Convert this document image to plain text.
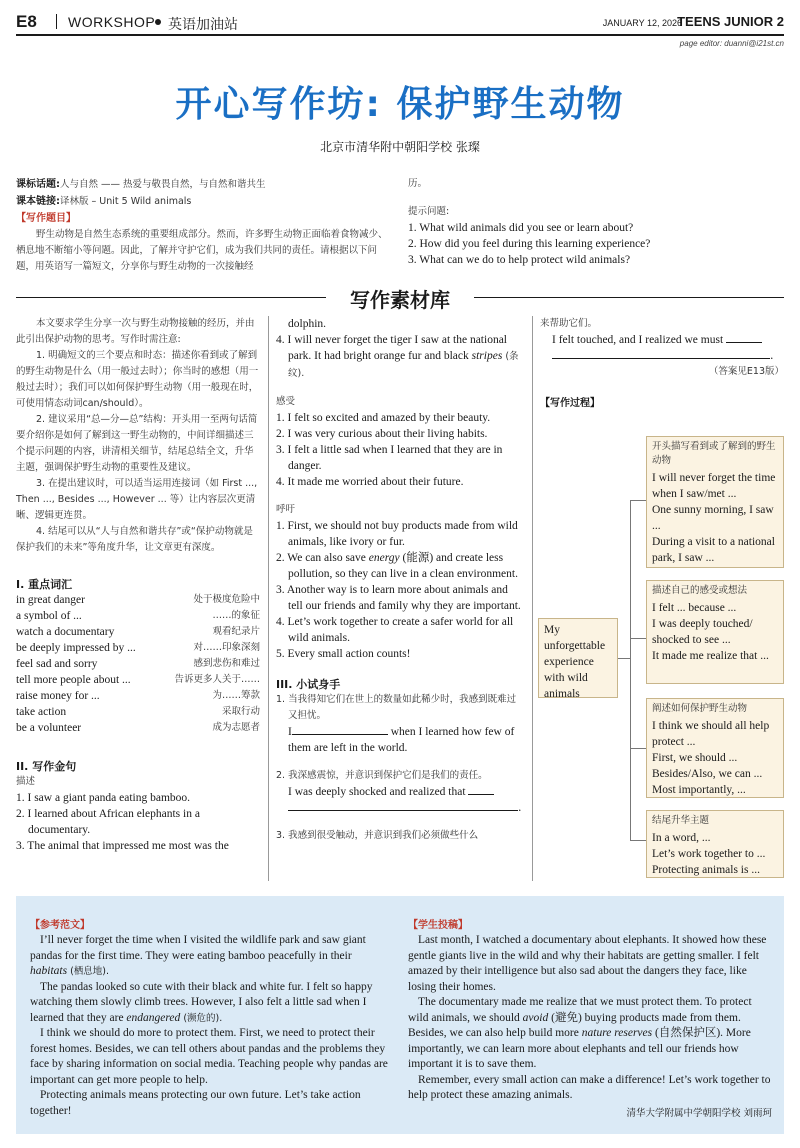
E8 WORKSHOP 英语加油站	JANUARY 12, 2026
TEENS JUNIOR 2
page editor: duanni@i21st.cn
开心写作坊: 保护野生动物
北京市清华附中朝阳学校 张璨
课标话题:人与自然 —— 热爱与敬畏自然，与自然和谐共生
课本链接:译林版 – Unit 5 Wild animals
【写作题目】
野生动物是自然生态系统的重要组成部分。然而，许多野生动物正面临着食物减少、栖息地不断缩小等问题。因此，了解并守护它们，成为我们共同的责任。请根据以下问题，用英语写一篇短文，分享你与野生动物的一次接触经
历。
提示问题:
1. What wild animals did you see or learn about?
2. How did you feel during this learning experience?
3. What can we do to help protect wild animals?
写作素材库
本文要求学生分享一次与野生动物接触的经历，并由此引出保护动物的思考。写作时需注意:
1. 明确短文的三个要点和时态：描述你看到或了解到的野生动物是什么（用一般过去时）；你当时的感想（用一般过去时）；我们可以如何保护野生动物（用一般现在时，可使用情态动词can/should）。
2. 建议采用“总—分—总”结构：开头用一至两句话简要介绍你是如何了解到这一野生动物的，中间详细描述三个提示问题的内容，讲清相关细节，结尾总结全文，升华主题，强调保护野生动物的重要性及建议。
3. 在提出建议时，可以适当运用连接词（如 First ..., Then ..., Besides ..., However ... 等）让内容层次更清晰、逻辑更连贯。
4. 结尾可以从“人与自然和谐共存”或“保护动物就是保护我们的未来”等角度升华，让文章更有深度。
I. 重点词汇
in great danger	处于极度危险中
a symbol of ...	……的象征
watch a documentary	观看纪录片
be deeply impressed by ...	对……印象深刻
feel sad and sorry	感到悲伤和难过
tell more people about ...	告诉更多人关于……
raise money for ...	为……筹款
take action	采取行动
be a volunteer	成为志愿者
II. 写作金句
描述
1. I saw a giant panda eating bamboo.
2. I learned about African elephants in a documentary.
3. The animal that impressed me most was the
dolphin.
4. I will never forget the tiger I saw at the national park. It had bright orange fur and black stripes (条纹).
感受
1. I felt so excited and amazed by their beauty.
2. I was very curious about their living habits.
3. I felt a little sad when I learned that they are in danger.
4. It made me worried about their future.
呼吁
1. First, we should not buy products made from wild animals, like ivory or fur.
2. We can also save energy (能源) and create less pollution, so they can live in a clean environment.
3. Another way is to learn more about animals and tell our friends and family why they are important.
4. Let’s work together to create a safer world for all wild animals.
5. Every small action counts!
III. 小试身手
1. 当我得知它们在世上的数量如此稀少时，我感到既难过又担忧。
I	when I learned how few of them are left in the world.
2. 我深感震惊，并意识到保护它们是我们的责任。
I was deeply shocked and realized that
.
3. 我感到很受触动，并意识到我们必须做些什么
来帮助它们。
I felt touched, and I realized we must
.
（答案见E13版）
【写作过程】
My unforgettable experience with wild animals
开头描写看到或了解到的野生动物
I will never forget the time when I saw/met ...
One sunny morning, I saw ...
During a visit to a national park, I saw ...
描述自己的感受或想法
I felt ... because ...
I was deeply touched/ shocked to see ...
It made me realize that ...
阐述如何保护野生动物
I think we should all help protect ...
First, we should ...
Besides/Also, we can ...
Most importantly, ...
结尾升华主题
In a word, ...
Let’s work together to ...
Protecting animals is ...
【参考范文】

I’ll never forget the time when I visited the wildlife park and saw giant pandas for the first time. They were eating bamboo peacefully in their habitats (栖息地).

The pandas looked so cute with their black and white fur. I felt so happy watching them slowly climb trees. However, I also felt a little sad when I learned that they are endangered (濒危的).

I think we should do more to protect them. First, we need to protect their forest homes. Besides, we can tell others about pandas and the problems they face by sharing information on social media. Teaching people why pandas are important can get more people to help.

Protecting animals means protecting our own future. Let’s take action together!

【学生投稿】

Last month, I watched a documentary about elephants. It showed how these gentle giants live in the wild and why their habitats are getting smaller. I felt amazed by their intelligence but also sad about the dangers they face, like losing their homes.

The documentary made me realize that we must protect them. To protect wild animals, we should avoid (避免) buying products made from them. Besides, we can also help build more nature reserves (自然保护区). More importantly, we can learn more about elephants and tell our friends how important it is to save them.

Remember, every small action can make a difference! Let’s work together to help protect these amazing animals.

清华大学附属中学朝阳学校 刘雨珂
